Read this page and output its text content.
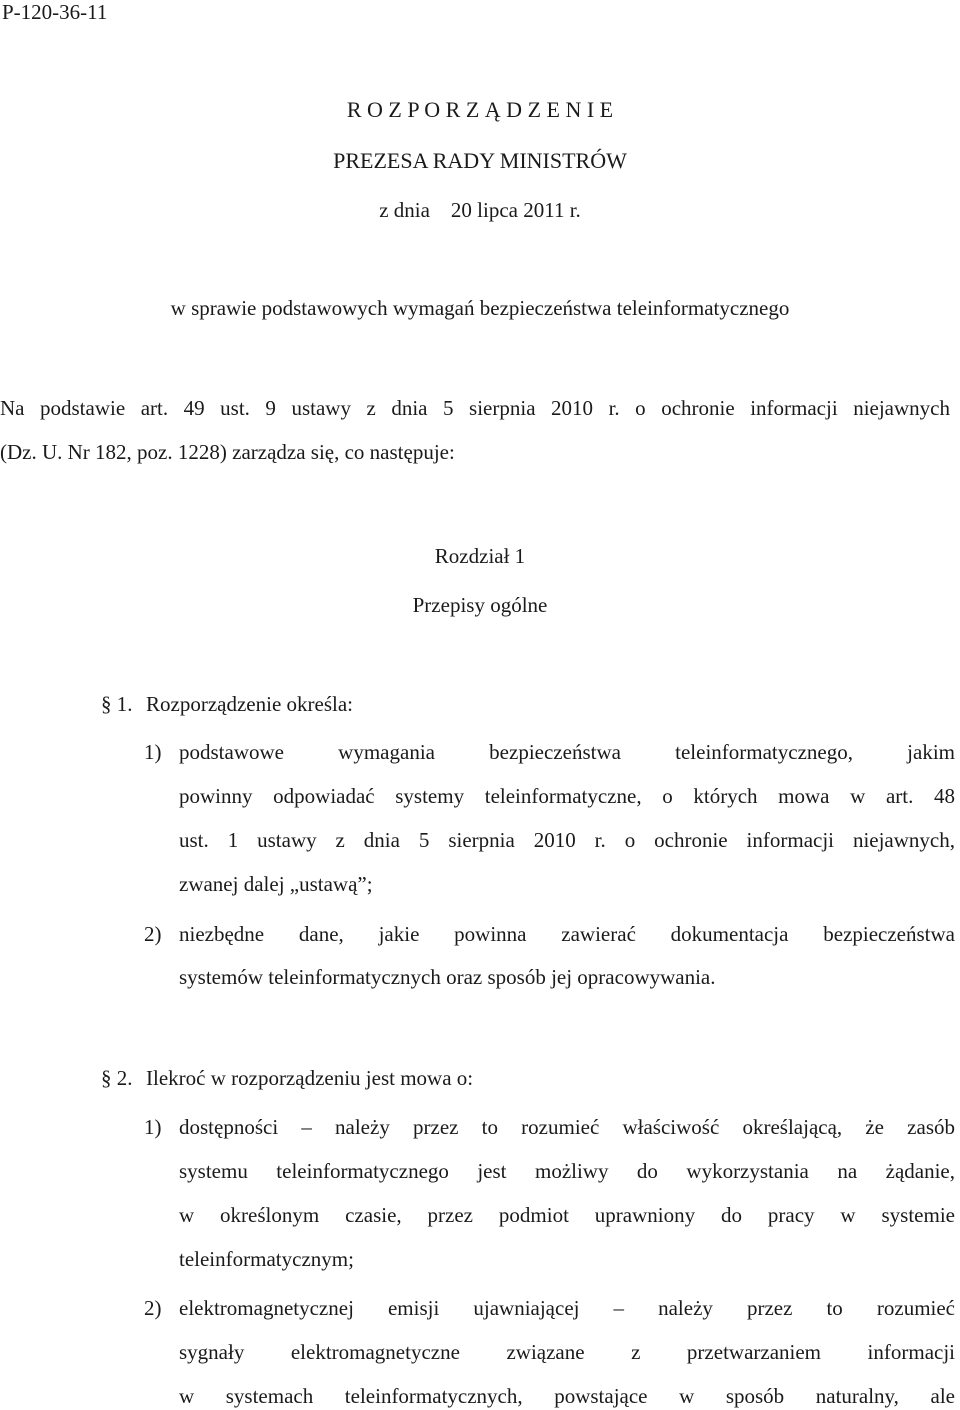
P-120-36-11
R O Z P O R Z Ą D Z E N I E
PREZESA RADY MINISTRÓW
z dnia    20 lipca 2011 r.
w sprawie podstawowych wymagań bezpieczeństwa teleinformatycznego
Na podstawie art. 49 ust. 9 ustawy z dnia 5 sierpnia 2010 r. o ochronie informacji niejawnych
(Dz. U. Nr 182, poz. 1228) zarządza się, co następuje:
Rozdział 1
Przepisy ogólne
§ 1. Rozporządzenie określa:
1) podstawowe wymagania bezpieczeństwa teleinformatycznego, jakim
powinny odpowiadać systemy teleinformatyczne, o których mowa w art. 48
ust. 1 ustawy z dnia 5 sierpnia 2010 r. o ochronie informacji niejawnych,
zwanej dalej „ustawą”;
2) niezbędne dane, jakie powinna zawierać dokumentacja bezpieczeństwa
systemów teleinformatycznych oraz sposób jej opracowywania.
§ 2. Ilekroć w rozporządzeniu jest mowa o:
1) dostępności – należy przez to rozumieć właściwość określającą, że zasób
systemu teleinformatycznego jest możliwy do wykorzystania na żądanie,
w określonym czasie, przez podmiot uprawniony do pracy w systemie
teleinformatycznym;
2) elektromagnetycznej emisji ujawniającej – należy przez to rozumieć
sygnały elektromagnetyczne związane z przetwarzaniem informacji
w systemach teleinformatycznych, powstające w sposób naturalny, ale
